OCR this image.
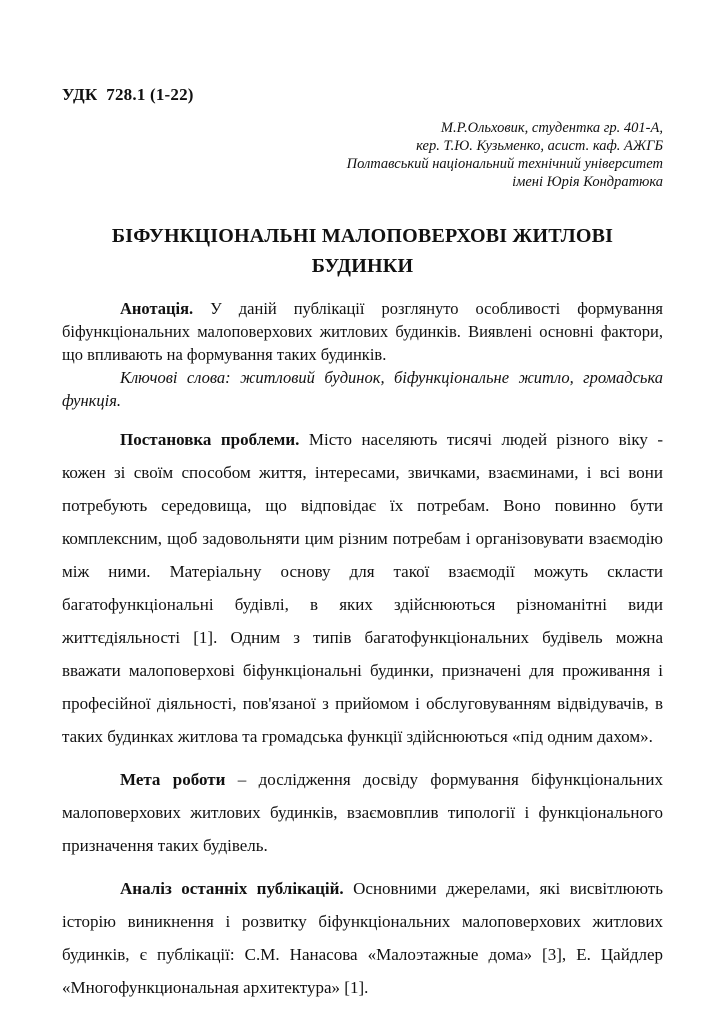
УДК  728.1 (1-22)

М.Р.Ольховик, студентка гр. 401-А,
кер. Т.Ю. Кузьменко, асист. каф. АЖГБ
Полтавський національний технічний університет
імені Юрія Кондратюка
БІФУНКЦІОНАЛЬНІ МАЛОПОВЕРХОВІ ЖИТЛОВІ БУДИНКИ

Анотація. У даній публікації розглянуто особливості формування біфункціональних малоповерхових житлових будинків. Виявлені основні фактори, що впливають на формування таких будинків.

Ключові слова: житловий будинок, біфункціональне житло, громадська функція.

Постановка проблеми. Місто населяють тисячі людей різного віку - кожен зі своїм способом життя, інтересами, звичками, взаєминами, і всі вони потребують середовища, що відповідає їх потребам. Воно повинно бути комплексним, щоб задовольняти цим різним потребам і організовувати взаємодію між ними. Матеріальну основу для такої взаємодії можуть скласти багатофункціональні будівлі, в яких здійснюються різноманітні види життєдіяльності [1]. Одним з типів багатофункціональних будівель можна вважати малоповерхові біфункціональні будинки, призначені для проживання і професійної діяльності, пов'язаної з прийомом і обслуговуванням відвідувачів, в таких будинках житлова та громадська функції здійснюються «під одним дахом».

Мета роботи – дослідження досвіду формування біфункціональних малоповерхових житлових будинків, взаємовплив типології і функціонального призначення таких будівель.

Аналіз останніх публікацій. Основними джерелами, які висвітлюють історію виникнення і розвитку біфункціональних малоповерхових житлових будинків, є публікації: С.М. Нанасова «Малоэтажные дома» [3], Е. Цайдлер «Многофункциональная архитектура» [1].
